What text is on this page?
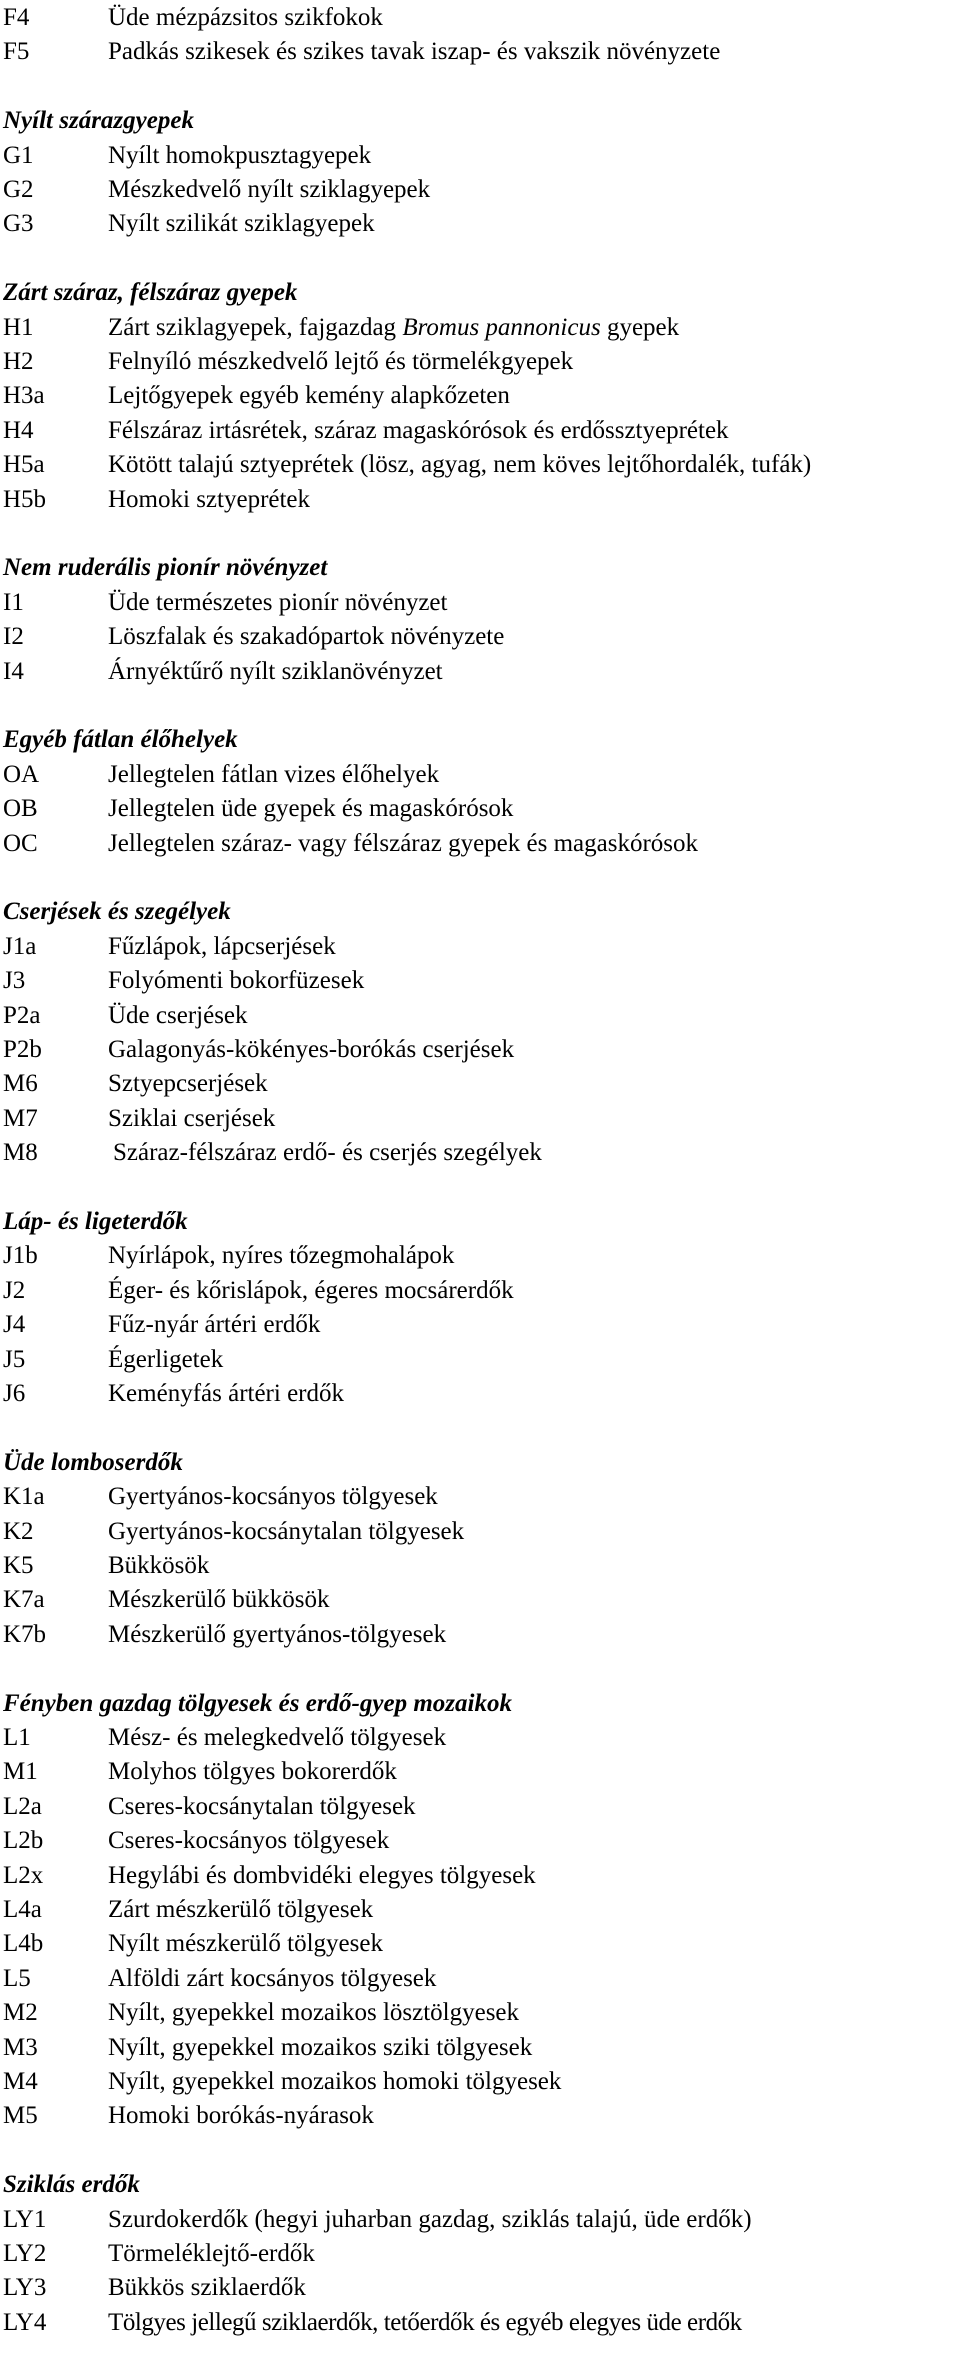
F4	Üde mézpázsitos szikfokok
F5	Padkás szikesek és szikes tavak iszap- és vakszik növényzete
Nyílt szárazgyepek
G1	Nyílt homokpusztagyepek
G2	Mészkedvelő nyílt sziklagyepek
G3	Nyílt szilikát sziklagyepek
Zárt száraz, félszáraz gyepek
H1	Zárt sziklagyepek, fajgazdag Bromus pannonicus gyepek
H2	Felnyíló mészkedvelő lejtő és törmelékgyepek
H3a	Lejtőgyepek egyéb kemény alapkőzeten
H4	Félszáraz irtásrétek, száraz magaskórósok és erdőssztyeprétek
H5a	Kötött talajú sztyeprétek (lösz, agyag, nem köves lejtőhordalék, tufák)
H5b Homoki sztyeprétek
Nem ruderális pionír növényzet
I1	Üde természetes pionír növényzet
I2	Löszfalak és szakadópartok növényzete
I4	Árnyéktűrő nyílt sziklanövényzet
Egyéb fátlan élőhelyek
OA	Jellegtelen fátlan vizes élőhelyek
OB	Jellegtelen üde gyepek és magaskórósok
OC	Jellegtelen száraz- vagy félszáraz gyepek és magaskórósok
Cserjések és szegélyek
J1a	Fűzlápok, lápcserjések
J3	Folyómenti bokorfüzesek
P2a	Üde cserjések
P2b	Galagonyás-kökényes-borókás cserjések
M6	Sztyepcserjések
M7	Sziklai cserjések
M8	Száraz-félszáraz erdő- és cserjés szegélyek
Láp- és ligeterdők
J1b	Nyírlápok, nyíres tőzegmohalápok
J2	Éger- és kőrislápok, égeres mocsárerdők
J4	Fűz-nyár ártéri erdők
J5	Égerligetek
J6	Keményfás ártéri erdők
Üde lomboserdők
K1a	Gyertyános-kocsányos tölgyesek
K2	Gyertyános-kocsánytalan tölgyesek
K5	Bükkösök
K7a	Mészkerülő bükkösök
K7b Mészkerülő gyertyános-tölgyesek
Fényben gazdag tölgyesek és erdő-gyep mozaikok
L1	Mész- és melegkedvelő tölgyesek
M1	Molyhos tölgyes bokorerdők
L2a	Cseres-kocsánytalan tölgyesek
L2b	Cseres-kocsányos tölgyesek
L2x	Hegylábi és dombvidéki elegyes tölgyesek
L4a	Zárt mészkerülő tölgyesek
L4b	Nyílt mészkerülő tölgyesek
L5	Alföldi zárt kocsányos tölgyesek
M2	Nyílt, gyepekkel mozaikos lösztölgyesek
M3	Nyílt, gyepekkel mozaikos sziki tölgyesek
M4	Nyílt, gyepekkel mozaikos homoki tölgyesek
M5	Homoki borókás-nyárasok
Sziklás erdők
LY1 Szurdokerdők (hegyi juharban gazdag, sziklás talajú, üde erdők)
LY2 Törmeléklejtő-erdők
LY3 Bükkös sziklaerdők
LY4 Tölgyes jellegű sziklaerdők, tetőerdők és egyéb elegyes üde erdők
